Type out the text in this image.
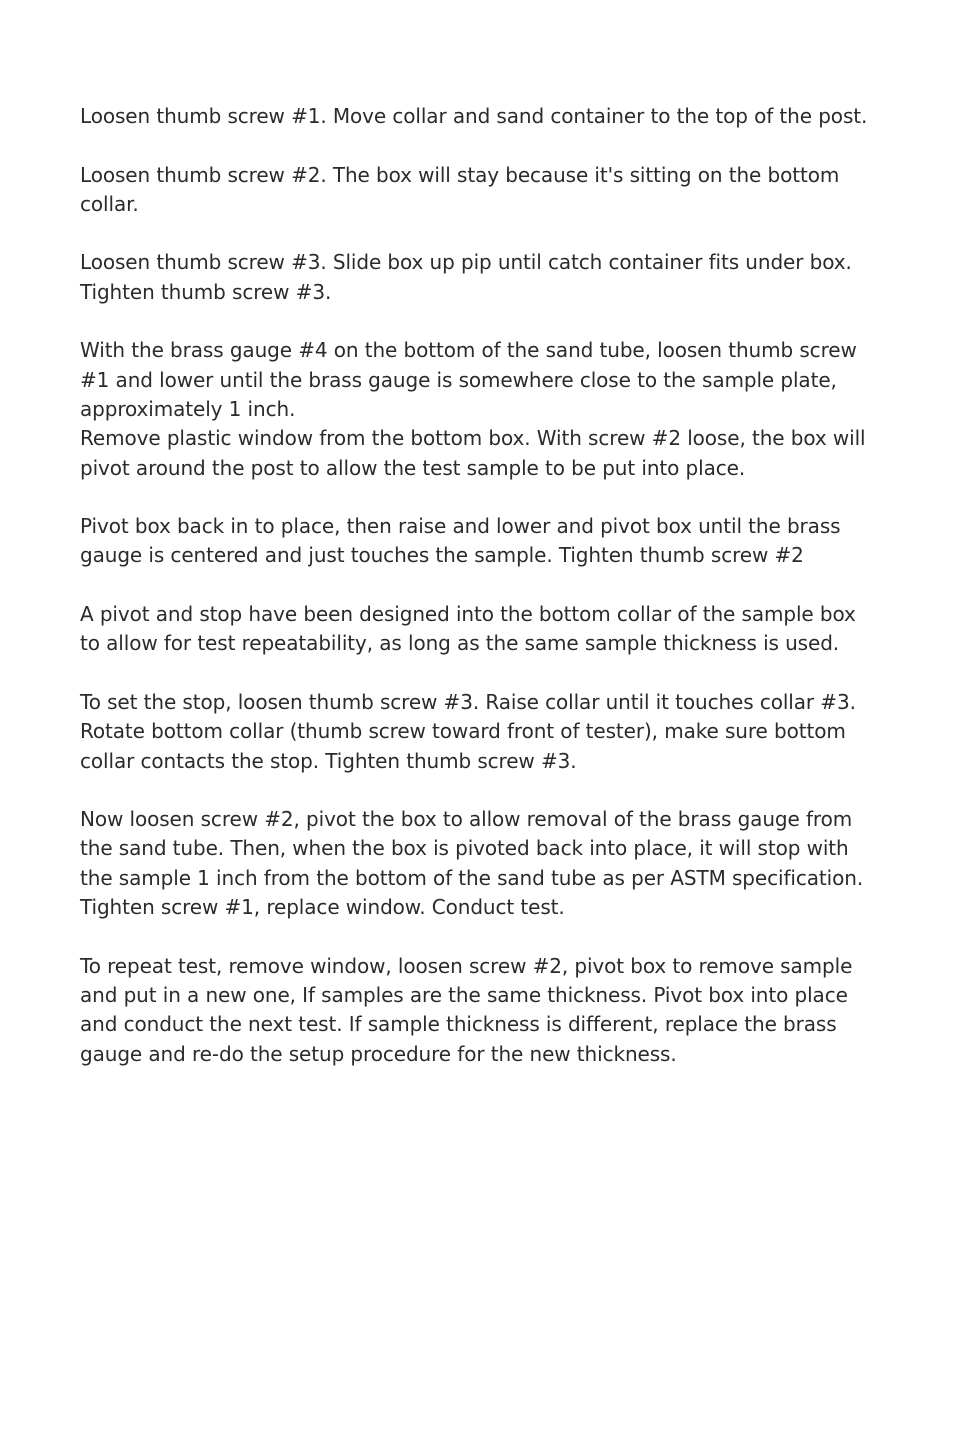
Loosen thumb screw #1. Move collar and sand container to the top of the post.

Loosen thumb screw #2. The box will stay because it's sitting on the bottom
collar.

Loosen thumb screw #3. Slide box up pip until catch container fits under box.
Tighten thumb screw #3.

With the brass gauge #4 on the bottom of the sand tube, loosen thumb screw
#1 and lower until the brass gauge is somewhere close to the sample plate,
approximately 1 inch.

Remove plastic window from the bottom box. With screw #2 loose, the box will
pivot around the post to allow the test sample to be put into place.

Pivot box back in to place, then raise and lower and pivot box until the brass
gauge is centered and just touches the sample. Tighten thumb screw #2

A pivot and stop have been designed into the bottom collar of the sample box
to allow for test repeatability, as long as the same sample thickness is used.

To set the stop, loosen thumb screw #3. Raise collar until it touches collar #3.
Rotate bottom collar (thumb screw toward front of tester), make sure bottom
collar contacts the stop. Tighten thumb screw #3.

Now loosen screw #2, pivot the box to allow removal of the brass gauge from
the sand tube. Then, when the box is pivoted back into place, it will stop with
the sample 1 inch from the bottom of the sand tube as per ASTM specification.
Tighten screw #1, replace window. Conduct test.

To repeat test, remove window, loosen screw #2, pivot box to remove sample
and put in a new one, If samples are the same thickness. Pivot box into place
and conduct the next test. If sample thickness is different, replace the brass
gauge and re-do the setup procedure for the new thickness.
